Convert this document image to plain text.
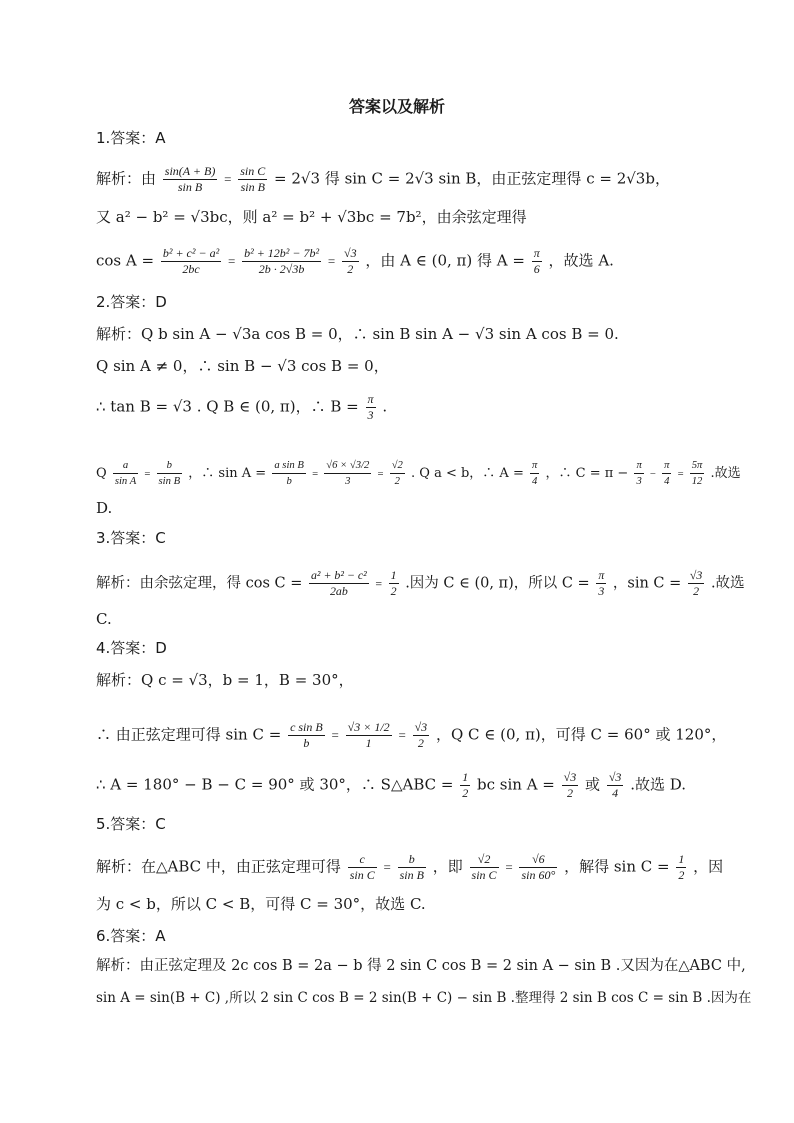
答案以及解析
1.答案：A
解析：由 $\frac{\sin(A + B)}{\text{sin B}} = \frac{\text{sin C}}{\text{sin B}} = 2√3$ 得 sin C = 2√3 sin B，由正弦定理得 c = 2√3b，
又 a² − b² = √3bc，则 a² = b² + √3bc = 7b²，由余弦定理得
$\cos A = \frac{\text{b² + c² − a²}}{2bc} = \frac{\text{b² + 12b² − 7b²}}{2b \cdot 2√3b} = \frac{√3}{2}$ ，由 A ∈ (0, π) 得 $A = \frac{\pi}{6}$ ，故选 A.
2.答案：D
解析：Q b sin A − √3a cos B = 0，∴ sin B sin A − √3 sin A cos B = 0.
Q sin A ≠ 0，∴ sin B − √3 cos B = 0，
∴ tan B = √3 . Q B ∈ (0, π)，∴ $B = \frac{\pi}{3}$ .
Q $\frac{a}{\text{sin A}} = \frac{b}{\text{sin B}}$ ，∴ $\sin A = \frac{\text{a sin B}}{b} = \frac{√6 \times √3/2}{3} = \frac{√2}{2}$ . Q a < b，∴ $A = \frac{\pi}{4}$ ，∴ $C = \pi - \frac{\pi}{3} - \frac{\pi}{4} = \frac{5\pi}{12}$ .故选
D.
3.答案：C
解析：由余弦定理，得 $\cos C = \frac{\text{a² + b² − c²}}{2ab} = \frac{1}{2}$ .因为 C ∈ (0, π)，所以 $C = \frac{\pi}{3}$ ，$\sin C = \frac{√3}{2}$ .故选
C.
4.答案：D
解析：Q c = √3，b = 1，B = 30°，
∴ 由正弦定理可得 $\sin C = \frac{\text{c sin B}}{b} = \frac{√3 \times 1/2}{1} = \frac{√3}{2}$ ，Q C ∈ (0, π)，可得 C = 60° 或 120°，
∴ A = 180° − B − C = 90° 或 30°，∴ S△ABC = $\frac{1}{2}$ bc $\sin A = \frac{√3}{2}$ 或 $\frac{√3}{4}$ .故选 D.
5.答案：C
解析：在△ABC 中，由正弦定理可得 $\frac{c}{\text{sin C}} = \frac{b}{\text{sin B}}$ ，即 $\frac{√2}{\text{sin C}} = \frac{√6}{\sin 60^\circ}$ ，解得 $\sin C = \frac{1}{2}$ ，因
为 c < b，所以 C < B，可得 C = 30°，故选 C.
6.答案：A
解析：由正弦定理及 2c cos B = 2a − b 得 2 sin C cos B = 2 sin A − sin B .又因为在△ABC 中,
sin A = sin(B + C) ,所以 2 sin C cos B = 2 sin(B + C) − sin B .整理得 2 sin B cos C = sin B .因为在
